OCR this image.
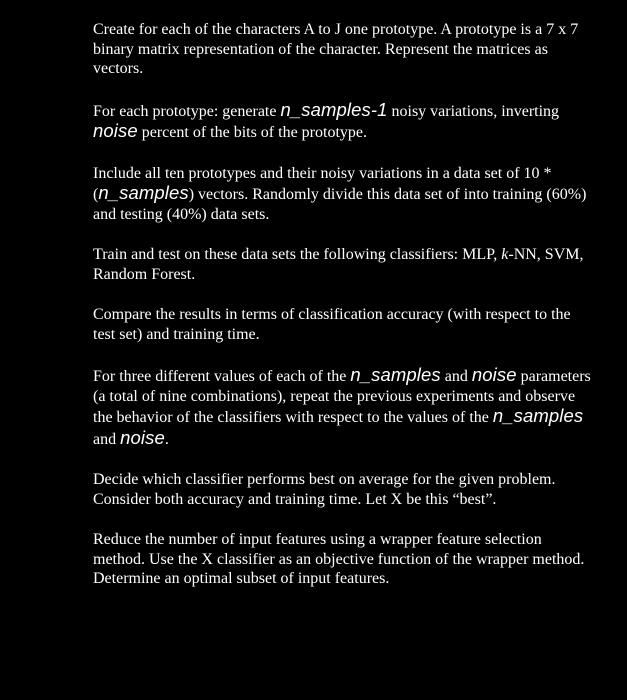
Create for each of the characters A to J one prototype. A prototype is a 7 x 7 binary matrix representation of the character. Represent the matrices as vectors.

For each prototype: generate n_samples-1 noisy variations, inverting noise percent of the bits of the prototype.

Include all ten prototypes and their noisy variations in a data set of 10 * (n_samples) vectors. Randomly divide this data set of into training (60%) and testing (40%) data sets.

Train and test on these data sets the following classifiers: MLP, k-NN, SVM, Random Forest.

Compare the results in terms of classification accuracy (with respect to the test set) and training time.

For three different values of each of the n_samples and noise parameters (a total of nine combinations), repeat the previous experiments and observe the behavior of the classifiers with respect to the values of the n_samples and noise.

Decide which classifier performs best on average for the given problem. Consider both accuracy and training time. Let X be this “best”.

Reduce the number of input features using a wrapper feature selection method. Use the X classifier as an objective function of the wrapper method. Determine an optimal subset of input features.
